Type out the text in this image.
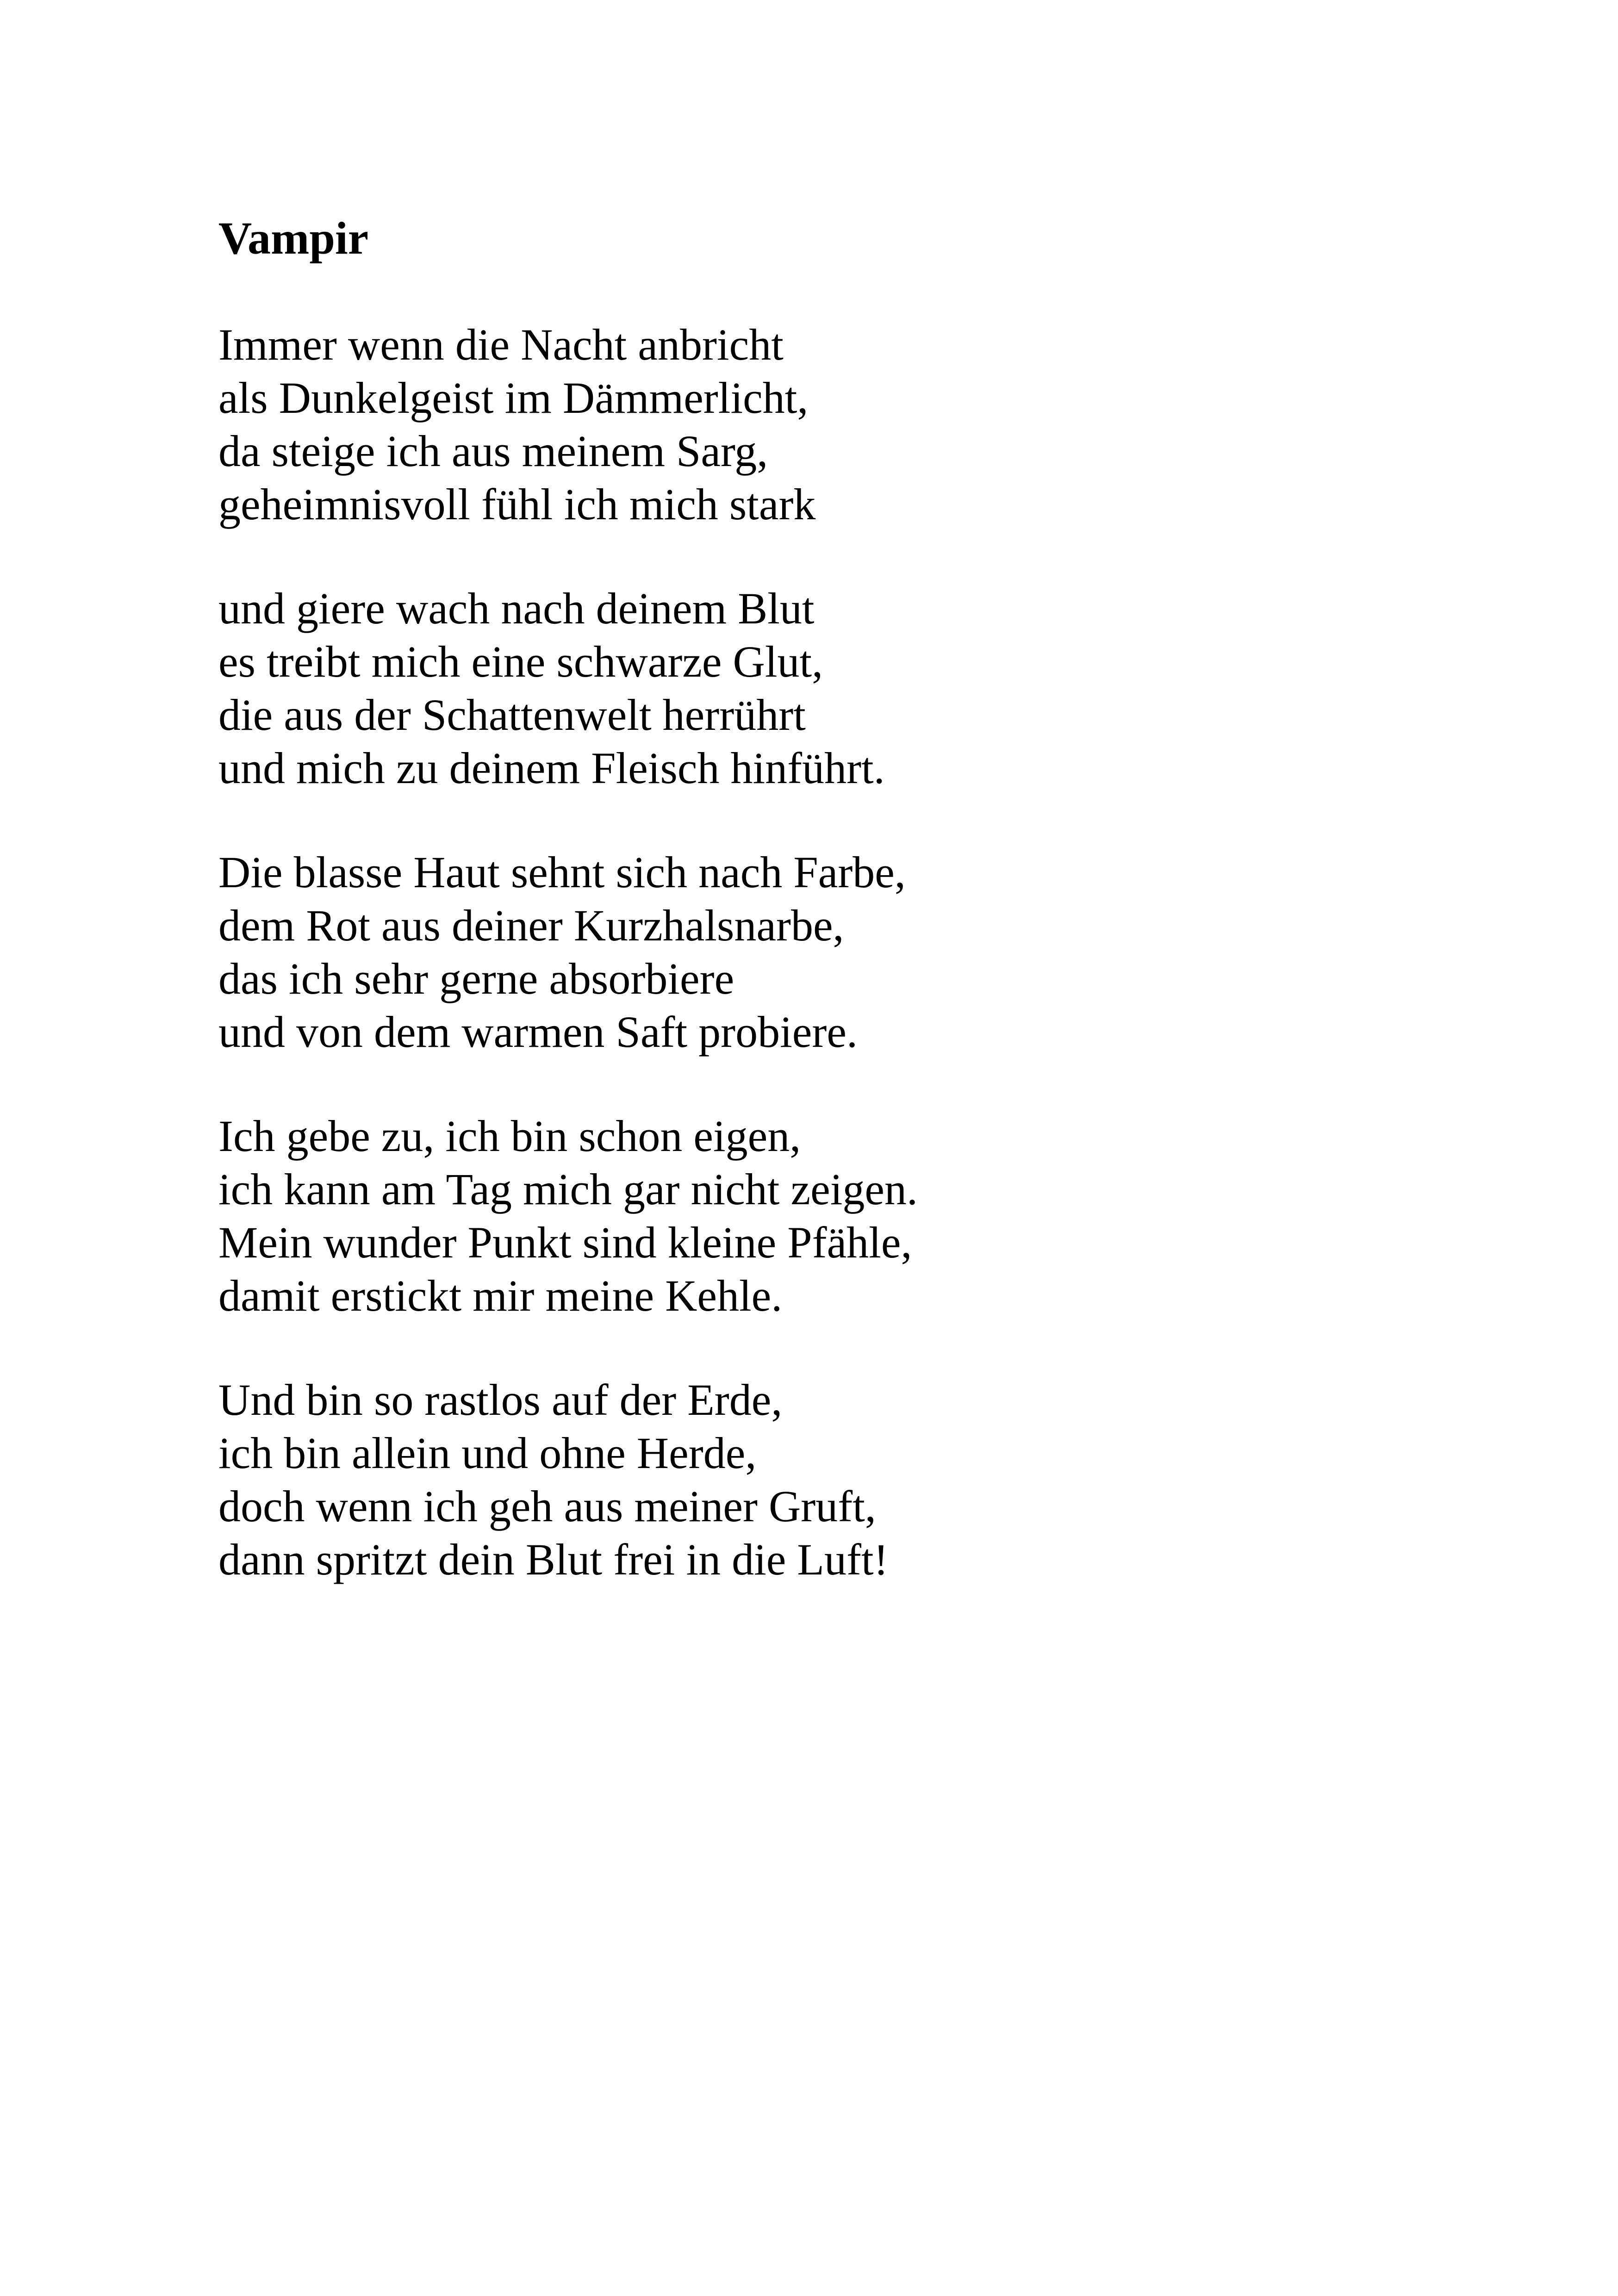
Vampir
Immer wenn die Nacht anbricht
als Dunkelgeist im Dämmerlicht,
da steige ich aus meinem Sarg,
geheimnisvoll fühl ich mich stark
und giere wach nach deinem Blut
es treibt mich eine schwarze Glut,
die aus der Schattenwelt herrührt
und mich zu deinem Fleisch hinführt.
Die blasse Haut sehnt sich nach Farbe,
dem Rot aus deiner Kurzhalsnarbe,
das ich sehr gerne absorbiere
und von dem warmen Saft probiere.
Ich gebe zu, ich bin schon eigen,
ich kann am Tag mich gar nicht zeigen.
Mein wunder Punkt sind kleine Pfähle,
damit erstickt mir meine Kehle.
Und bin so rastlos auf der Erde,
ich bin allein und ohne Herde,
doch wenn ich geh aus meiner Gruft,
dann spritzt dein Blut frei in die Luft!
